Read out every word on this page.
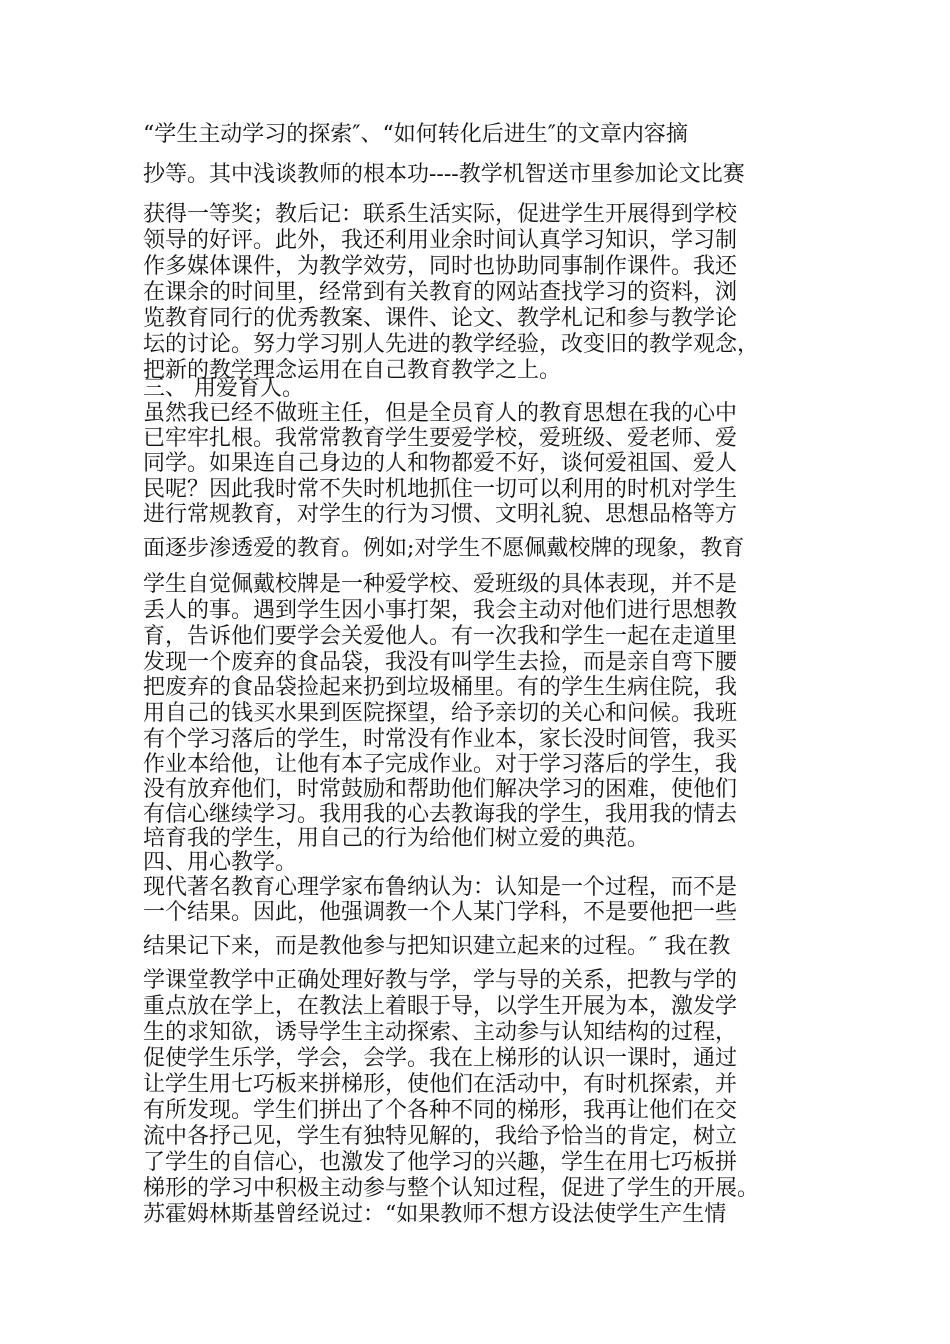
“学生主动学习的探索″、“如何转化后进生″的文章内容摘
抄等。其中浅谈教师的根本功----教学机智送市里参加论文比赛
获得一等奖；教后记：联系生活实际，促进学生开展得到学校
领导的好评。此外，我还利用业余时间认真学习知识，学习制
作多媒体课件，为教学效劳，同时也协助同事制作课件。我还
在课余的时间里，经常到有关教育的网站查找学习的资料，浏
览教育同行的优秀教案、课件、论文、教学札记和参与教学论
坛的讨论。努力学习别人先进的教学经验，改变旧的教学观念，
把新的教学理念运用在自己教育教学之上。
三、 用爱育人。
虽然我已经不做班主任，但是全员育人的教育思想在我的心中
已牢牢扎根。我常常教育学生要爱学校，爱班级、爱老师、爱
同学。如果连自己身边的人和物都爱不好，谈何爱祖国、爱人
民呢？因此我时常不失时机地抓住一切可以利用的时机对学生
进行常规教育，对学生的行为习惯、文明礼貌、思想品格等方
面逐步渗透爱的教育。例如;对学生不愿佩戴校牌的现象，教育
学生自觉佩戴校牌是一种爱学校、爱班级的具体表现，并不是
丢人的事。遇到学生因小事打架，我会主动对他们进行思想教
育，告诉他们要学会关爱他人。有一次我和学生一起在走道里
发现一个废弃的食品袋，我没有叫学生去捡，而是亲自弯下腰
把废弃的食品袋捡起来扔到垃圾桶里。有的学生生病住院，我
用自己的钱买水果到医院探望，给予亲切的关心和问候。我班
有个学习落后的学生，时常没有作业本，家长没时间管，我买
作业本给他，让他有本子完成作业。对于学习落后的学生，我
没有放弃他们，时常鼓励和帮助他们解决学习的困难，使他们
有信心继续学习。我用我的心去教诲我的学生，我用我的情去
培育我的学生，用自己的行为给他们树立爱的典范。
四、用心教学。
现代著名教育心理学家布鲁纳认为：认知是一个过程，而不是
一个结果。因此，他强调教一个人某门学科，不是要他把一些
结果记下来，而是教他参与把知识建立起来的过程。″ 我在教
学课堂教学中正确处理好教与学，学与导的关系，把教与学的
重点放在学上，在教法上着眼于导，以学生开展为本，激发学
生的求知欲，诱导学生主动探索、主动参与认知结构的过程，
促使学生乐学，学会，会学。我在上梯形的认识一课时，通过
让学生用七巧板来拼梯形，使他们在活动中，有时机探索，并
有所发现。学生们拼出了个各种不同的梯形，我再让他们在交
流中各抒己见，学生有独特见解的，我给予恰当的肯定，树立
了学生的自信心，也激发了他学习的兴趣，学生在用七巧板拼
梯形的学习中积极主动参与整个认知过程，促进了学生的开展。
苏霍姆林斯基曾经说过：“如果教师不想方设法使学生产生情
